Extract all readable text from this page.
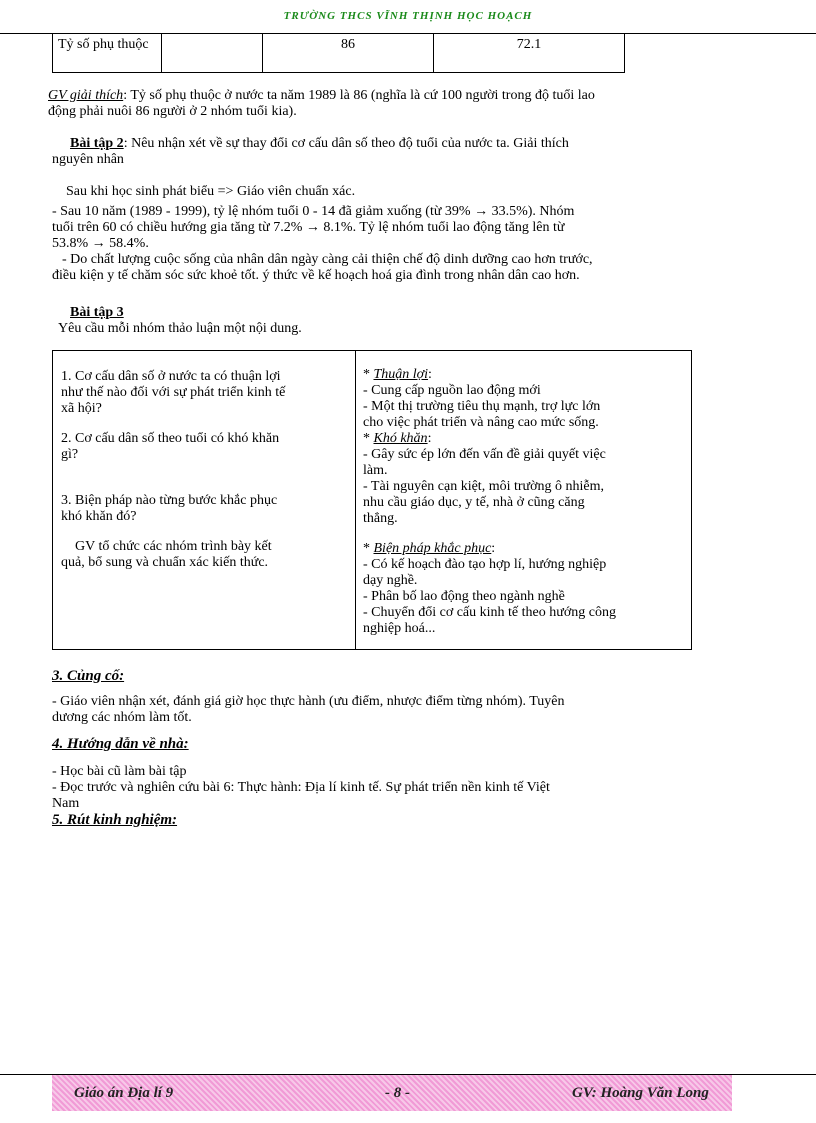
TRƯỜNG THCS VĨNH THỊNH HỌC HOẠCH
Tỷ số phụ thuộc		86	72.1
GV giải thích: Tỷ số phụ thuộc ở nước ta năm 1989 là 86 (nghĩa là cứ 100 người trong độ tuổi lao
động phải nuôi 86 người ở 2 nhóm tuổi kia).
Bài tập 2: Nêu nhận xét về sự thay đổi cơ cấu dân số theo độ tuổi của nước ta. Giải thích
nguyên nhân
Sau khi học sinh phát biểu => Giáo viên chuẩn xác.
- Sau 10 năm (1989 - 1999), tỷ lệ nhóm tuổi 0 - 14 đã giảm xuống (từ 39% → 33.5%). Nhóm
tuổi trên 60 có chiều hướng gia tăng từ 7.2% → 8.1%. Tỷ lệ nhóm tuổi lao động tăng lên từ
53.8% → 58.4%.
- Do chất lượng cuộc sống của nhân dân ngày càng cải thiện chế độ dinh dưỡng cao hơn trước,
điều kiện y tế chăm sóc sức khoẻ tốt. ý thức về kế hoạch hoá gia đình trong nhân dân cao hơn.
Bài tập 3
Yêu cầu mỗi nhóm thảo luận một nội dung.
1. Cơ cấu dân số ở nước ta có thuận lợi
như thế nào đối với sự phát triển kinh tế
xã hội?
2. Cơ cấu dân số theo tuổi có khó khăn
gì?
3. Biện pháp nào từng bước khắc phục
khó khăn đó?
GV tổ chức các nhóm trình bày kết
quả, bổ sung và chuẩn xác kiến thức.
* Thuận lợi:
- Cung cấp nguồn lao động mới
- Một thị trường tiêu thụ mạnh, trợ lực lớn
cho việc phát triển và nâng cao mức sống.
* Khó khăn:
- Gây sức ép lớn đến vấn đề giải quyết việc
làm.
- Tài nguyên cạn kiệt, môi trường ô nhiễm,
nhu cầu giáo dục, y tế, nhà ở cũng căng
thẳng.
* Biện pháp khắc phục:
- Có kế hoạch đào tạo hợp lí, hướng nghiệp
dạy nghề.
- Phân bố lao động theo ngành nghề
- Chuyển đổi cơ cấu kinh tế theo hướng công
nghiệp hoá...
3. Củng cố:
- Giáo viên nhận xét, đánh giá giờ học thực hành (ưu điểm, nhược điểm từng nhóm). Tuyên
dương các nhóm làm tốt.
4. Hướng dẫn về nhà:
- Học bài cũ làm bài tập
- Đọc trước và nghiên cứu bài 6: Thực hành: Địa lí kinh tế. Sự phát triển nền kinh tế Việt
Nam
5. Rút kinh nghiệm:
Giáo án Địa lí 9	- 8 -	GV: Hoàng Văn Long
